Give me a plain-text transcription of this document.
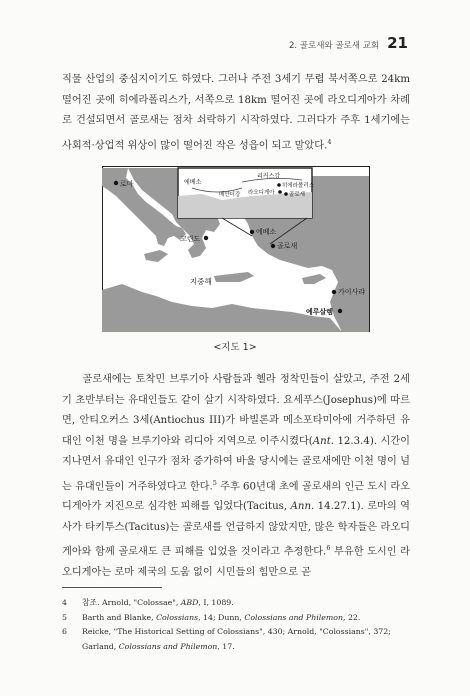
2. 골로새와 골로새 교회 21

직물 산업의 중심지이기도 하였다. 그러나 주전 3세기 무렵 북서쪽으로 24km 떨어진 곳에 히에라폴리스가, 서쪽으로 18km 떨어진 곳에 라오디게아가 차례로 건설되면서 골로새는 점차 쇠락하기 시작하였다. 그러다가 주후 1세기에는 사회적·상업적 위상이 많이 떨어진 작은 성읍이 되고 말았다.$^4$

리커스강
에베소	히에라폴리스
라오디게아	골로새
메안더강
로마
고린도
에베소
골로새
지중해
가이사랴
예루살렘
<지도 1>

골로새에는 토착민 브루기아 사람들과 헬라 정착민들이 살았고, 주전 2세기 초반부터는 유대인들도 같이 살기 시작하였다. 요세푸스(Josephus)에 따르면, 안티오커스 3세(Antiochus III)가 바빌론과 메소포타미아에 거주하던 유대인 이천 명을 브루기아와 리디아 지역으로 이주시켰다(Ant. 12.3.4). 시간이 지나면서 유대인 인구가 점차 증가하여 바울 당시에는 골로새에만 이천 명이 넘는 유대인들이 거주하였다고 한다.$^5$ 주후 60년대 초에 골로새의 인근 도시 라오디게아가 지진으로 심각한 피해를 입었다(Tacitus, Ann. 14.27.1). 로마의 역사가 타키투스(Tacitus)는 골로새를 언급하지 않았지만, 많은 학자들은 라오디게아와 함께 골로새도 큰 피해를 입었을 것이라고 추정한다.$^6$ 부유한 도시인 라오디게아는 로마 제국의 도움 없이 시민들의 힘만으로 곧

4	참조. Arnold, "Colossae", ABD, I, 1089.
5	Barth and Blanke, Colossians, 14; Dunn, Colossians and Philemon, 22.
6	Reicke, "The Historical Setting of Colossians", 430; Arnold, "Colossians", 372; Garland, Colossians and Philemon, 17.
